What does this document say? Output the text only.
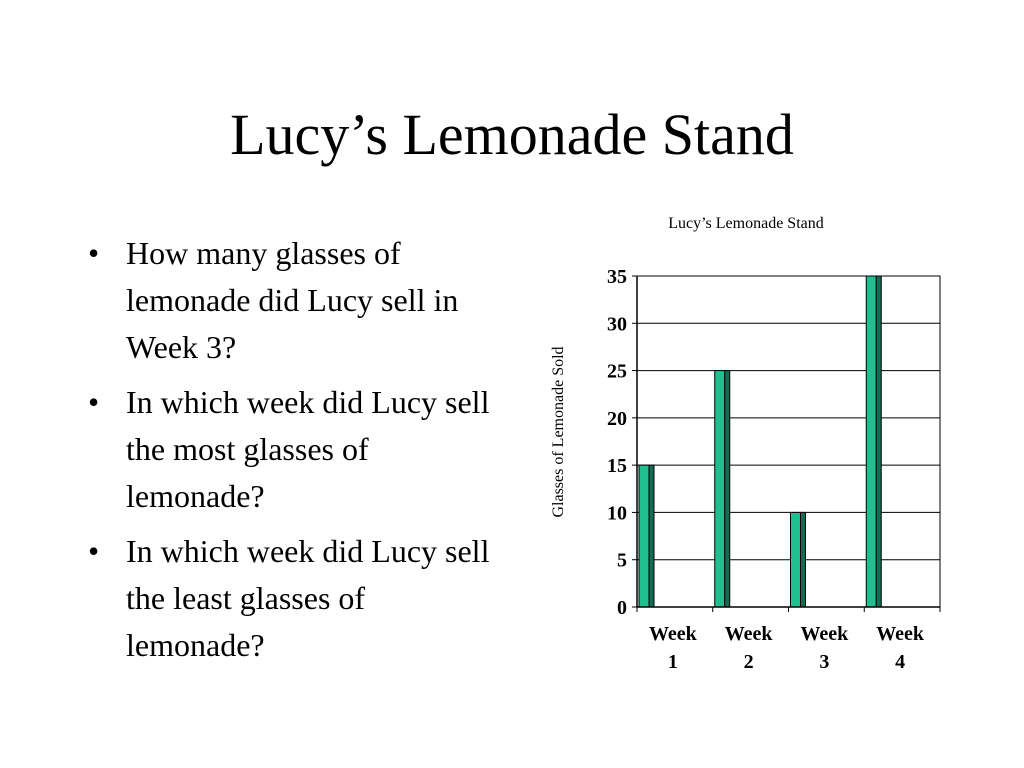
Lucy’s Lemonade Stand
• How many glasses of lemonade did Lucy sell in Week 3?
• In which week did Lucy sell the most glasses of lemonade?
• In which week did Lucy sell the least glasses of lemonade?
Lucy’s Lemonade Stand
Glasses of Lemonade Sold
0
5
10
15
20
25
30
35
Week
1
Week
2
Week
3
Week
4
